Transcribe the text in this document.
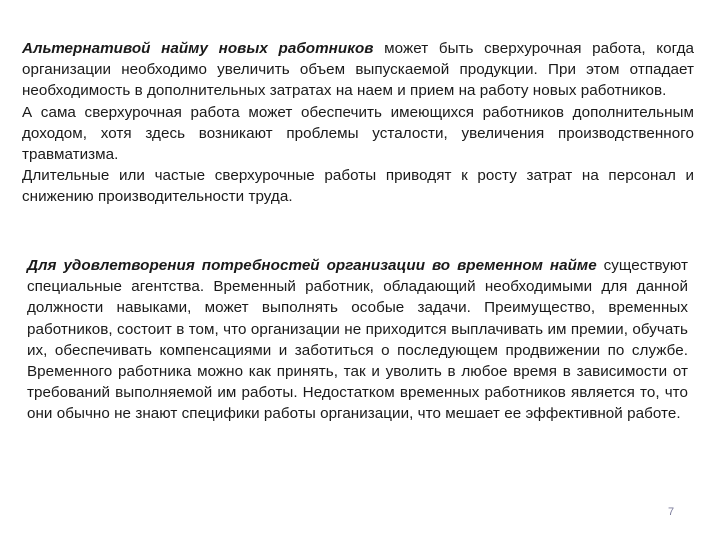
Альтернативой найму новых работников может быть сверхурочная работа, когда организации необходимо увеличить объем выпускаемой продукции. При этом отпадает необходимость в дополнительных затратах на наем и прием на работу новых работников.

А сама сверхурочная работа может обеспечить имеющихся работников дополнительным доходом, хотя здесь возникают проблемы усталости, увеличения производственного травматизма.

Длительные или частые сверхурочные работы приводят к росту затрат на персонал и снижению производительности труда.

Для удовлетворения потребностей организации во временном найме существуют специальные агентства. Временный работник, обладающий необходимыми для данной должности навыками, может выполнять особые задачи. Преимущество, временных работников, состоит в том, что организации не приходится выплачивать им премии, обучать их, обеспечивать компенсациями и заботиться о последующем продвижении по службе. Временного работника можно как принять, так и уволить в любое время в зависимости от требований выполняемой им работы. Недостатком временных работников является то, что они обычно не знают специфики работы организации, что мешает ее эффективной работе.

7
